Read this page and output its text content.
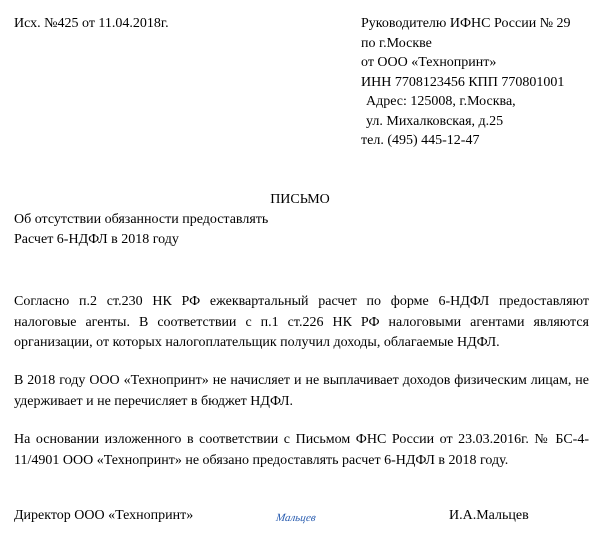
Исх. №425 от 11.04.2018г.	Руководителю ИФНС России № 29
по г.Москве
от ООО «Технопринт»
ИНН 7708123456 КПП 770801001
Адрес: 125008, г.Москва,
ул. Михалковская, д.25
тел. (495) 445-12-47
ПИСЬМО
Об отсутствии обязанности предоставлять
Расчет 6-НДФЛ в 2018 году

Согласно п.2 ст.230 НК РФ ежеквартальный расчет по форме 6-НДФЛ предоставляют налоговые агенты. В соответствии с п.1 ст.226 НК РФ налоговыми агентами являются организации, от которых налогоплательщик получил доходы, облагаемые НДФЛ.

В 2018 году ООО «Технопринт» не начисляет и не выплачивает доходов физическим лицам, не удерживает и не перечисляет в бюджет НДФЛ.

На основании изложенного в соответствии с Письмом ФНС России от 23.03.2016г. № БС-4-11/4901 ООО «Технопринт» не обязано предоставлять расчет 6-НДФЛ в 2018 году.

Директор ООО «Технопринт»	Мальцев	И.А.Мальцев
